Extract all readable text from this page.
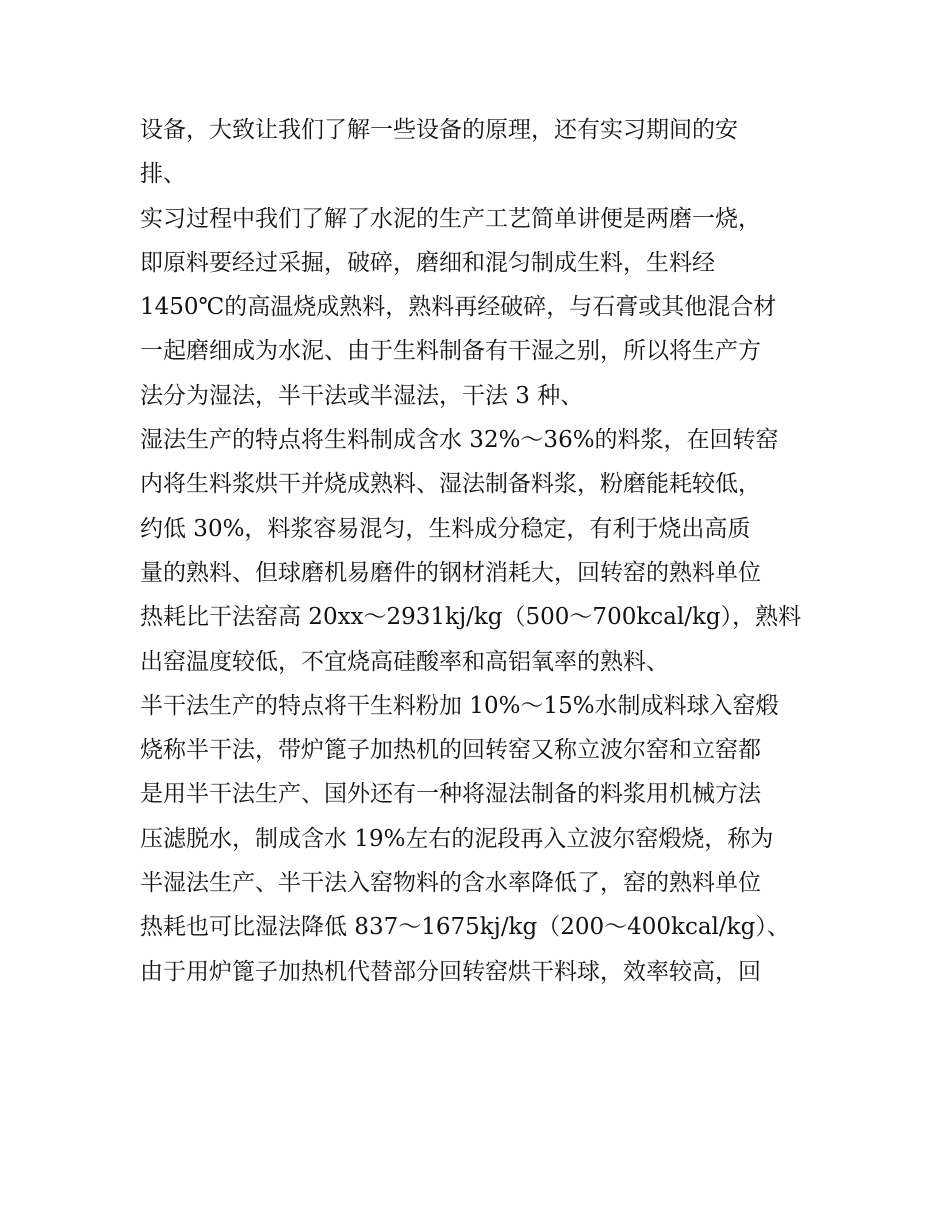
设备，大致让我们了解一些设备的原理，还有实习期间的安
排、
实习过程中我们了解了水泥的生产工艺简单讲便是两磨一烧，
即原料要经过采掘，破碎，磨细和混匀制成生料，生料经
1450℃的高温烧成熟料，熟料再经破碎，与石膏或其他混合材
一起磨细成为水泥、由于生料制备有干湿之别，所以将生产方
法分为湿法，半干法或半湿法，干法 3 种、
湿法生产的特点将生料制成含水 32%～36%的料浆，在回转窑
内将生料浆烘干并烧成熟料、湿法制备料浆，粉磨能耗较低，
约低 30%，料浆容易混匀，生料成分稳定，有利于烧出高质
量的熟料、但球磨机易磨件的钢材消耗大，回转窑的熟料单位
热耗比干法窑高 20xx～2931kj/kg（500～700kcal/kg），熟料
出窑温度较低，不宜烧高硅酸率和高铝氧率的熟料、
半干法生产的特点将干生料粉加 10%～15%水制成料球入窑煅
烧称半干法，带炉篦子加热机的回转窑又称立波尔窑和立窑都
是用半干法生产、国外还有一种将湿法制备的料浆用机械方法
压滤脱水，制成含水 19%左右的泥段再入立波尔窑煅烧，称为
半湿法生产、半干法入窑物料的含水率降低了，窑的熟料单位
热耗也可比湿法降低 837～1675kj/kg（200～400kcal/kg）、
由于用炉篦子加热机代替部分回转窑烘干料球，效率较高，回
